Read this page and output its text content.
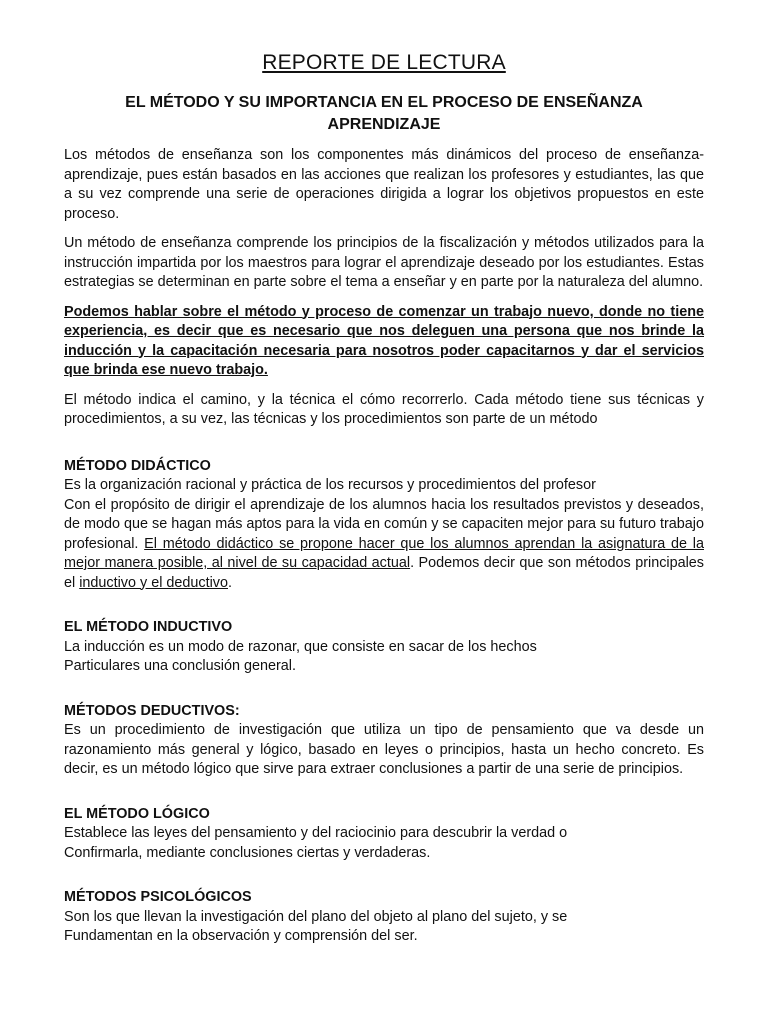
REPORTE DE LECTURA
EL MÉTODO Y SU IMPORTANCIA EN EL PROCESO DE ENSEÑANZA
APRENDIZAJE

Los métodos de enseñanza son los componentes más dinámicos del proceso de enseñanza-aprendizaje, pues están basados en las acciones que realizan los profesores y estudiantes, las que a su vez comprende una serie de operaciones dirigida a lograr los objetivos propuestos en este proceso.

Un método de enseñanza comprende los principios de la fiscalización y métodos utilizados para la instrucción impartida por los maestros para lograr el aprendizaje deseado por los estudiantes. Estas estrategias se determinan en parte sobre el tema a enseñar y en parte por la naturaleza del alumno.

Podemos hablar sobre el método y proceso de comenzar un trabajo nuevo, donde no tiene experiencia, es decir que es necesario que nos deleguen una persona que nos brinde la inducción y la capacitación necesaria para nosotros poder capacitarnos y dar el servicios que brinda ese nuevo trabajo.

El método indica el camino, y la técnica el cómo recorrerlo. Cada método tiene sus técnicas y procedimientos, a su vez, las técnicas y los procedimientos son parte de un método

MÉTODO DIDÁCTICO

Es la organización racional y práctica de los recursos y procedimientos del profesor

Con el propósito de dirigir el aprendizaje de los alumnos hacia los resultados previstos y deseados, de modo que se hagan más aptos para la vida en común y se capaciten mejor para su futuro trabajo profesional. El método didáctico se propone hacer que los alumnos aprendan la asignatura de la mejor manera posible, al nivel de su capacidad actual. Podemos decir que son métodos principales el inductivo y el deductivo.

EL MÉTODO INDUCTIVO

La inducción es un modo de razonar, que consiste en sacar de los hechos

Particulares una conclusión general.

MÉTODOS DEDUCTIVOS:

Es un procedimiento de investigación que utiliza un tipo de pensamiento que va desde un razonamiento más general y lógico, basado en leyes o principios, hasta un hecho concreto. Es decir, es un método lógico que sirve para extraer conclusiones a partir de una serie de principios.

EL MÉTODO LÓGICO

Establece las leyes del pensamiento y del raciocinio para descubrir la verdad o

Confirmarla, mediante conclusiones ciertas y verdaderas.

MÉTODOS PSICOLÓGICOS

Son los que llevan la investigación del plano del objeto al plano del sujeto, y se

Fundamentan en la observación y comprensión del ser.
